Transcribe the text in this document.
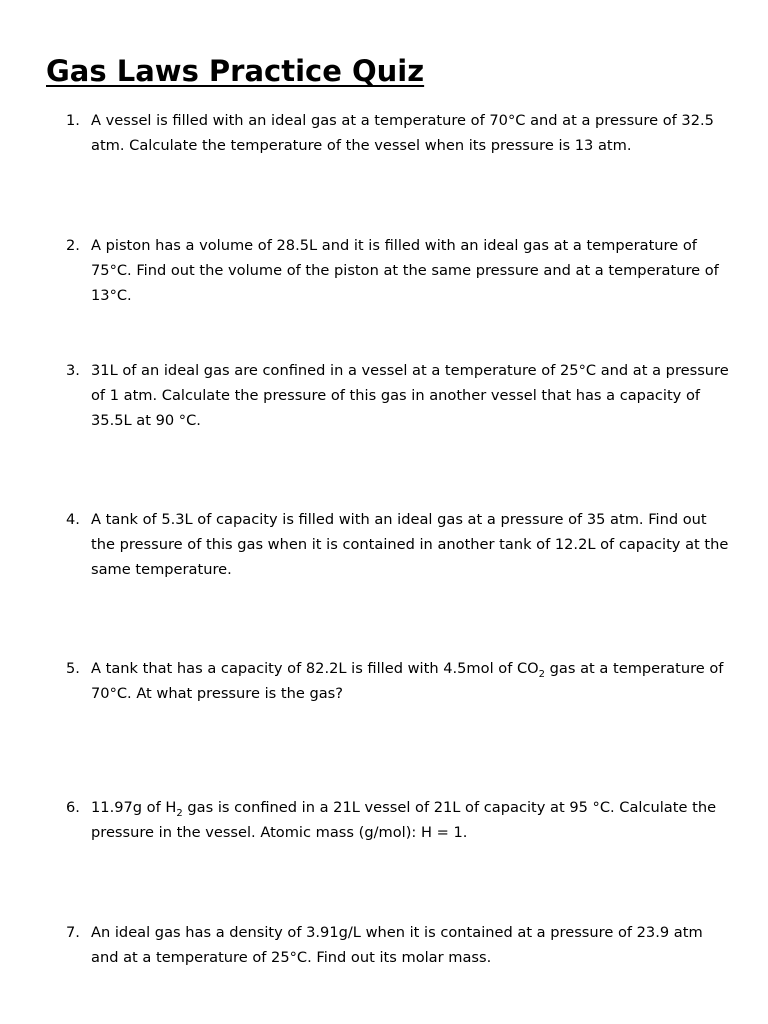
Gas Laws Practice Quiz
1. A vessel is filled with an ideal gas at a temperature of 70°C and at a pressure of 32.5 atm. Calculate the temperature of the vessel when its pressure is 13 atm.
2. A piston has a volume of 28.5L and it is filled with an ideal gas at a temperature of 75°C. Find out the volume of the piston at the same pressure and at a temperature of 13°C.
3. 31L of an ideal gas are confined in a vessel at a temperature of 25°C and at a pressure of 1 atm. Calculate the pressure of this gas in another vessel that has a capacity of 35.5L at 90 °C.
4. A tank of 5.3L of capacity is filled with an ideal gas at a pressure of 35 atm. Find out the pressure of this gas when it is contained in another tank of 12.2L of capacity at the same temperature.
5. A tank that has a capacity of 82.2L is filled with 4.5mol of $CO_2$ gas at a temperature of 70°C. At what pressure is the gas?
6. 11.97g of $H_2$ gas is confined in a 21L vessel of 21L of capacity at 95 °C. Calculate the pressure in the vessel. Atomic mass (g/mol): H = 1.
7. An ideal gas has a density of 3.91g/L when it is contained at a pressure of 23.9 atm and at a temperature of 25°C. Find out its molar mass.
